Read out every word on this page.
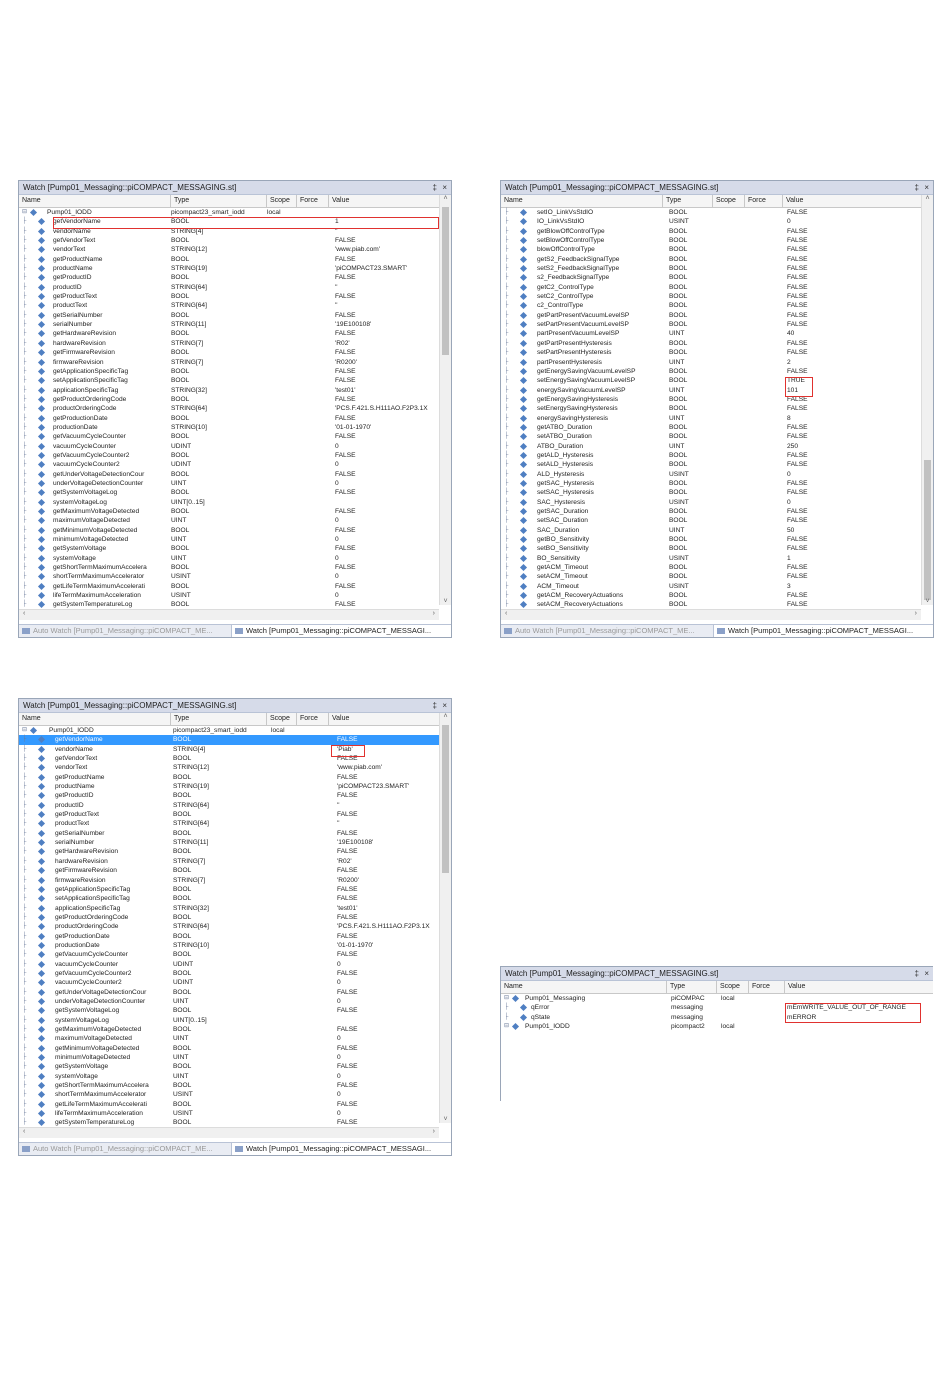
Watch [Pump01_Messaging::piCOMPACT_MESSAGING.st]	‡ ×
Name	Type	Scope	Force	Value
⊟	Pump01_IODD	picompact23_smart_iodd	local
├	getVendorName	BOOL	1
├	vendorName	STRING[4]	''
├	getVendorText	BOOL	FALSE
├	vendorText	STRING[12]	'www.piab.com'
├	getProductName	BOOL	FALSE
├	productName	STRING[19]	'piCOMPACT23.SMART'
├	getProductID	BOOL	FALSE
├	productID	STRING[64]	''
├	getProductText	BOOL	FALSE
├	productText	STRING[64]	''
├	getSerialNumber	BOOL	FALSE
├	serialNumber	STRING[11]	'19E100108'
├	getHardwareRevision	BOOL	FALSE
├	hardwareRevision	STRING[7]	'R02'
├	getFirmwareRevision	BOOL	FALSE
├	firmwareRevision	STRING[7]	'R0200'
├	getApplicationSpecificTag	BOOL	FALSE
├	setApplicationSpecificTag	BOOL	FALSE
├	applicationSpecificTag	STRING[32]	'test01'
├	getProductOrderingCode	BOOL	FALSE
├	productOrderingCode	STRING[64]	'PCS.F.421.S.H111AO.F2P3.1X
├	getProductionDate	BOOL	FALSE
├	productionDate	STRING[10]	'01-01-1970'
├	getVacuumCycleCounter	BOOL	FALSE
├	vacuumCycleCounter	UDINT	0
├	getVacuumCycleCounter2	BOOL	FALSE
├	vacuumCycleCounter2	UDINT	0
├	getUnderVoltageDetectionCour	BOOL	FALSE
├	underVoltageDetectionCounter	UINT	0
├	getSystemVoltageLog	BOOL	FALSE
├	systemVoltageLog	UINT[0..15]
├	getMaximumVoltageDetected	BOOL	FALSE
├	maximumVoltageDetected	UINT	0
├	getMinimumVoltageDetected	BOOL	FALSE
├	minimumVoltageDetected	UINT	0
├	getSystemVoltage	BOOL	FALSE
├	systemVoltage	UINT	0
├	getShortTermMaximumAccelera	BOOL	FALSE
├	shortTermMaximumAccelerator	USINT	0
├	getLifeTermMaximumAccelerati	BOOL	FALSE
├	lifeTermMaximumAcceleration	USINT	0
├	getSystemTemperatureLog	BOOL	FALSE
˄
˅
‹	›
Auto Watch [Pump01_Messaging::piCOMPACT_ME...	Watch [Pump01_Messaging::piCOMPACT_MESSAGI...
Watch [Pump01_Messaging::piCOMPACT_MESSAGING.st]	‡ ×
Name	Type	Scope	Force	Value
├	setIO_LinkVsStdIO	BOOL	FALSE
├	IO_LinkVsStdIO	USINT	0
├	getBlowOffControlType	BOOL	FALSE
├	setBlowOffControlType	BOOL	FALSE
├	blowOffControlType	BOOL	FALSE
├	getS2_FeedbackSignalType	BOOL	FALSE
├	setS2_FeedbackSignalType	BOOL	FALSE
├	s2_FeedbackSignalType	BOOL	FALSE
├	getC2_ControlType	BOOL	FALSE
├	setC2_ControlType	BOOL	FALSE
├	c2_ControlType	BOOL	FALSE
├	getPartPresentVacuumLevelSP	BOOL	FALSE
├	setPartPresentVacuumLevelSP	BOOL	FALSE
├	partPresentVacuumLevelSP	UINT	40
├	getPartPresentHysteresis	BOOL	FALSE
├	setPartPresentHysteresis	BOOL	FALSE
├	partPresentHysteresis	UINT	2
├	getEnergySavingVacuumLevelSP	BOOL	FALSE
├	setEnergySavingVacuumLevelSP	BOOL	TRUE
├	energySavingVacuumLevelSP	UINT	101
├	getEnergySavingHysteresis	BOOL	FALSE
├	setEnergySavingHysteresis	BOOL	FALSE
├	energySavingHysteresis	UINT	8
├	getATBO_Duration	BOOL	FALSE
├	setATBO_Duration	BOOL	FALSE
├	ATBO_Duration	UINT	250
├	getALD_Hysteresis	BOOL	FALSE
├	setALD_Hysteresis	BOOL	FALSE
├	ALD_Hysteresis	USINT	0
├	getSAC_Hysteresis	BOOL	FALSE
├	setSAC_Hysteresis	BOOL	FALSE
├	SAC_Hysteresis	USINT	0
├	getSAC_Duration	BOOL	FALSE
├	setSAC_Duration	BOOL	FALSE
├	SAC_Duration	UINT	50
├	getBO_Sensitivity	BOOL	FALSE
├	setBO_Sensitivity	BOOL	FALSE
├	BO_Sensitivity	USINT	1
├	getACM_Timeout	BOOL	FALSE
├	setACM_Timeout	BOOL	FALSE
├	ACM_Timeout	USINT	3
├	getACM_RecoveryActuations	BOOL	FALSE
├	setACM_RecoveryActuations	BOOL	FALSE
˄
˅
‹	›
Auto Watch [Pump01_Messaging::piCOMPACT_ME...	Watch [Pump01_Messaging::piCOMPACT_MESSAGI...
Watch [Pump01_Messaging::piCOMPACT_MESSAGING.st]	‡ ×
Name	Type	Scope	Force	Value
⊟	Pump01_IODD	picompact23_smart_iodd	local
├	getVendorName	BOOL	FALSE
├	vendorName	STRING[4]	'Piab'
├	getVendorText	BOOL	FALSE
├	vendorText	STRING[12]	'www.piab.com'
├	getProductName	BOOL	FALSE
├	productName	STRING[19]	'piCOMPACT23.SMART'
├	getProductID	BOOL	FALSE
├	productID	STRING[64]	''
├	getProductText	BOOL	FALSE
├	productText	STRING[64]	''
├	getSerialNumber	BOOL	FALSE
├	serialNumber	STRING[11]	'19E100108'
├	getHardwareRevision	BOOL	FALSE
├	hardwareRevision	STRING[7]	'R02'
├	getFirmwareRevision	BOOL	FALSE
├	firmwareRevision	STRING[7]	'R0200'
├	getApplicationSpecificTag	BOOL	FALSE
├	setApplicationSpecificTag	BOOL	FALSE
├	applicationSpecificTag	STRING[32]	'test01'
├	getProductOrderingCode	BOOL	FALSE
├	productOrderingCode	STRING[64]	'PCS.F.421.S.H111AO.F2P3.1X
├	getProductionDate	BOOL	FALSE
├	productionDate	STRING[10]	'01-01-1970'
├	getVacuumCycleCounter	BOOL	FALSE
├	vacuumCycleCounter	UDINT	0
├	getVacuumCycleCounter2	BOOL	FALSE
├	vacuumCycleCounter2	UDINT	0
├	getUnderVoltageDetectionCour	BOOL	FALSE
├	underVoltageDetectionCounter	UINT	0
├	getSystemVoltageLog	BOOL	FALSE
├	systemVoltageLog	UINT[0..15]
├	getMaximumVoltageDetected	BOOL	FALSE
├	maximumVoltageDetected	UINT	0
├	getMinimumVoltageDetected	BOOL	FALSE
├	minimumVoltageDetected	UINT	0
├	getSystemVoltage	BOOL	FALSE
├	systemVoltage	UINT	0
├	getShortTermMaximumAccelera	BOOL	FALSE
├	shortTermMaximumAccelerator	USINT	0
├	getLifeTermMaximumAccelerati	BOOL	FALSE
├	lifeTermMaximumAcceleration	USINT	0
├	getSystemTemperatureLog	BOOL	FALSE
˄
˅
‹	›
Auto Watch [Pump01_Messaging::piCOMPACT_ME...	Watch [Pump01_Messaging::piCOMPACT_MESSAGI...
Watch [Pump01_Messaging::piCOMPACT_MESSAGING.st]	‡ ×
Name	Type	Scope	Force	Value
⊟	Pump01_Messaging	piCOMPAC	local
├	qError	messaging	mEmWRITE_VALUE_OUT_OF_RANGE
├	qState	messaging	mERROR
⊟	Pump01_IODD	picompact2	local
